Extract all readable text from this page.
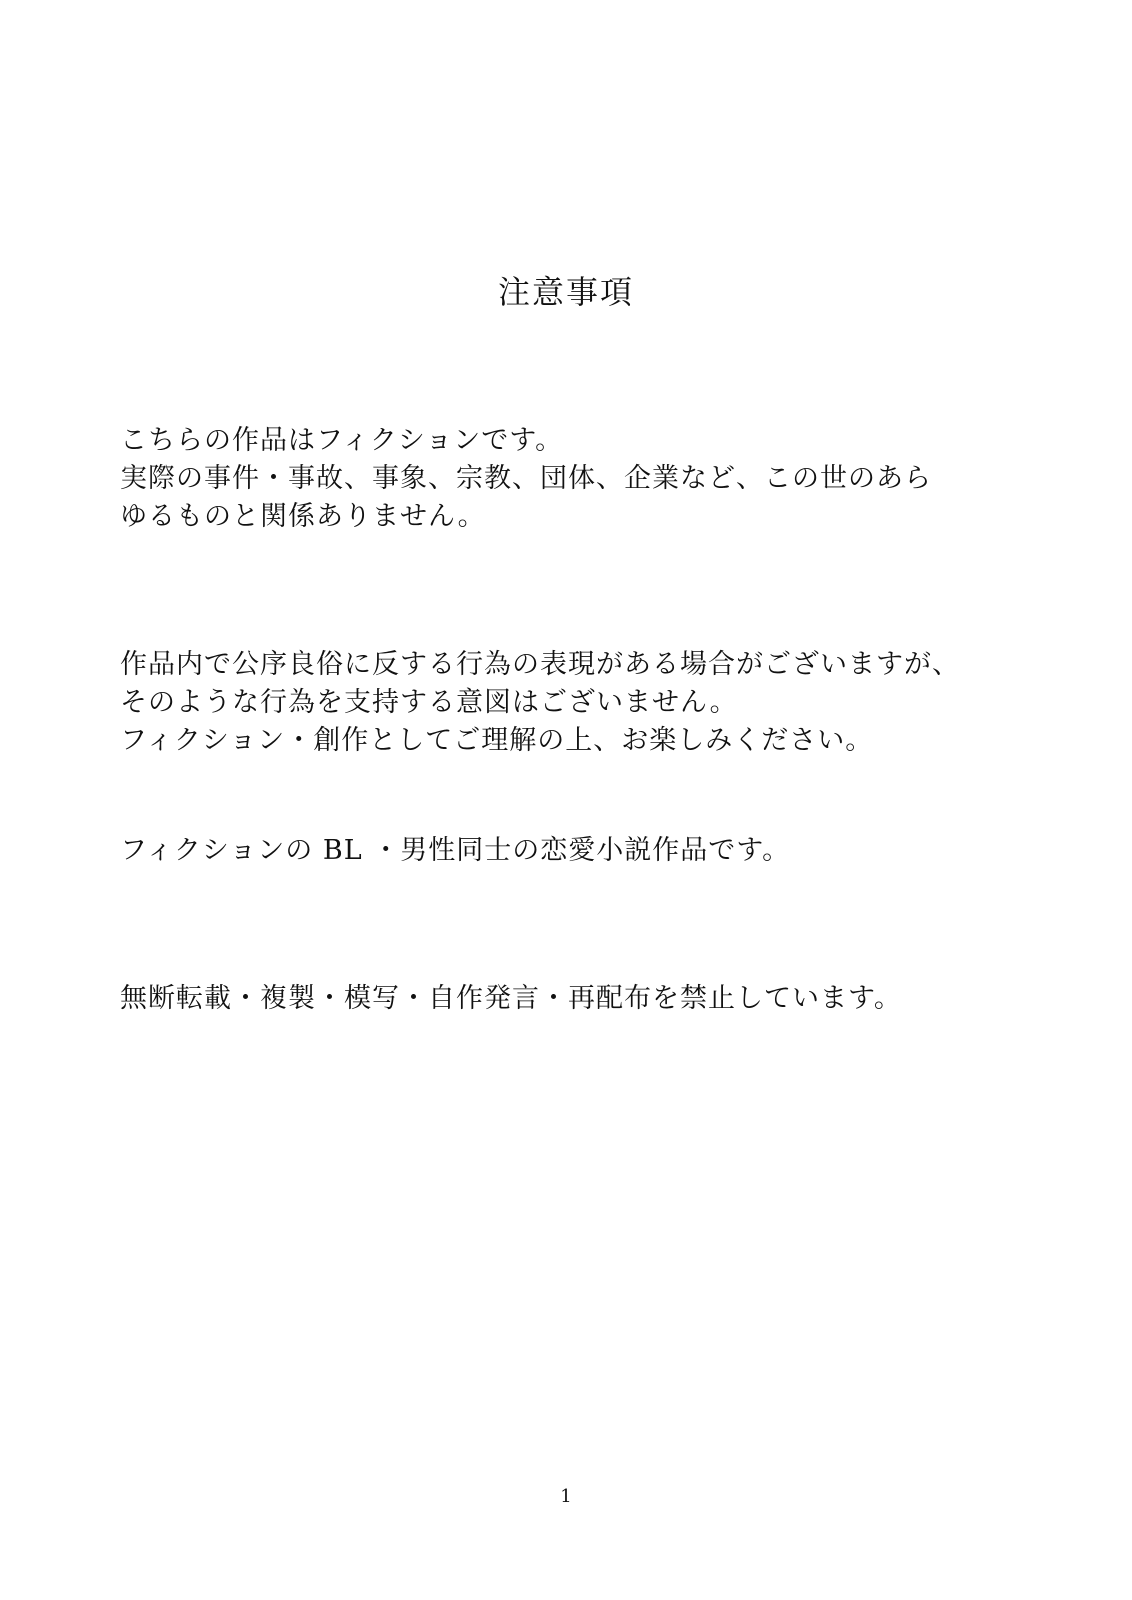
注意事項
こちらの作品はフィクションです。
実際の事件・事故、事象、宗教、団体、企業など、この世のあら
ゆるものと関係ありません。
作品内で公序良俗に反する行為の表現がある場合がございますが、
そのような行為を支持する意図はございません。
フィクション・創作としてご理解の上、お楽しみください。
フィクションの BL ・男性同士の恋愛小説作品です。
無断転載・複製・模写・自作発言・再配布を禁止しています。
1
